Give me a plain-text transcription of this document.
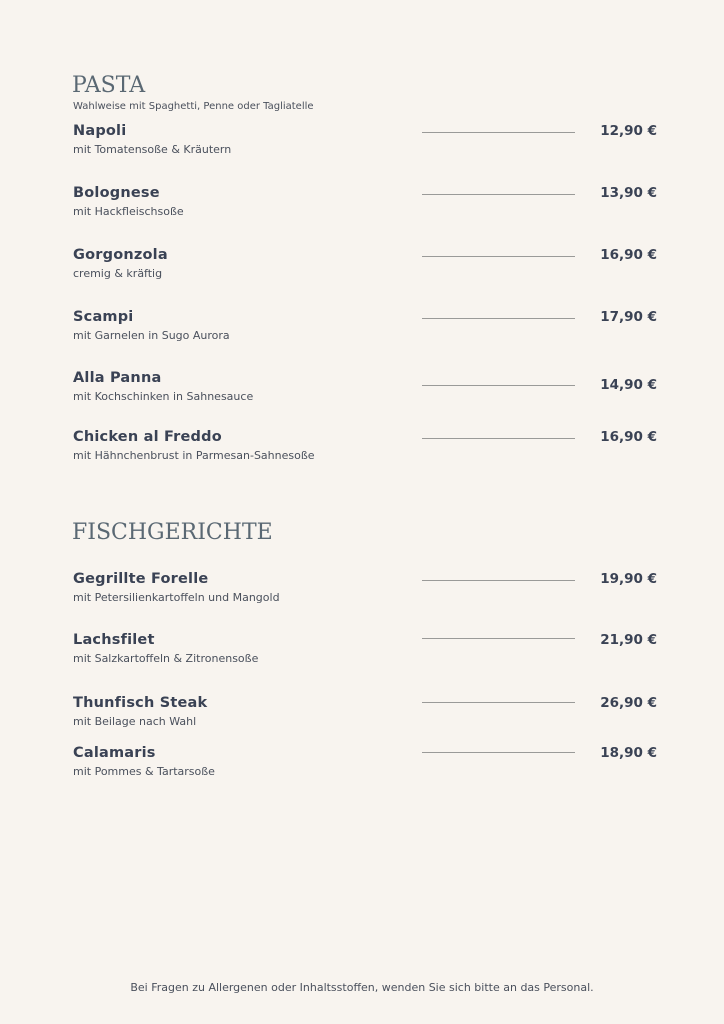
PASTA
Wahlweise mit Spaghetti, Penne oder Tagliatelle
Napoli
mit Tomatensoße & Kräutern
12,90 €
Bolognese
mit Hackfleischsoße
13,90 €
Gorgonzola
cremig & kräftig
16,90 €
Scampi
mit Garnelen in Sugo Aurora
17,90 €
Alla Panna
mit Kochschinken in Sahnesauce
14,90 €
Chicken al Freddo
mit Hähnchenbrust in Parmesan-Sahnesoße
16,90 €
FISCHGERICHTE
Gegrillte Forelle
mit Petersilienkartoffeln und Mangold
19,90 €
Lachsfilet
mit Salzkartoffeln & Zitronensoße
21,90 €
Thunfisch Steak
mit Beilage nach Wahl
26,90 €
Calamaris
mit Pommes & Tartarsoße
18,90 €
Bei Fragen zu Allergenen oder Inhaltsstoffen, wenden Sie sich bitte an das Personal.
